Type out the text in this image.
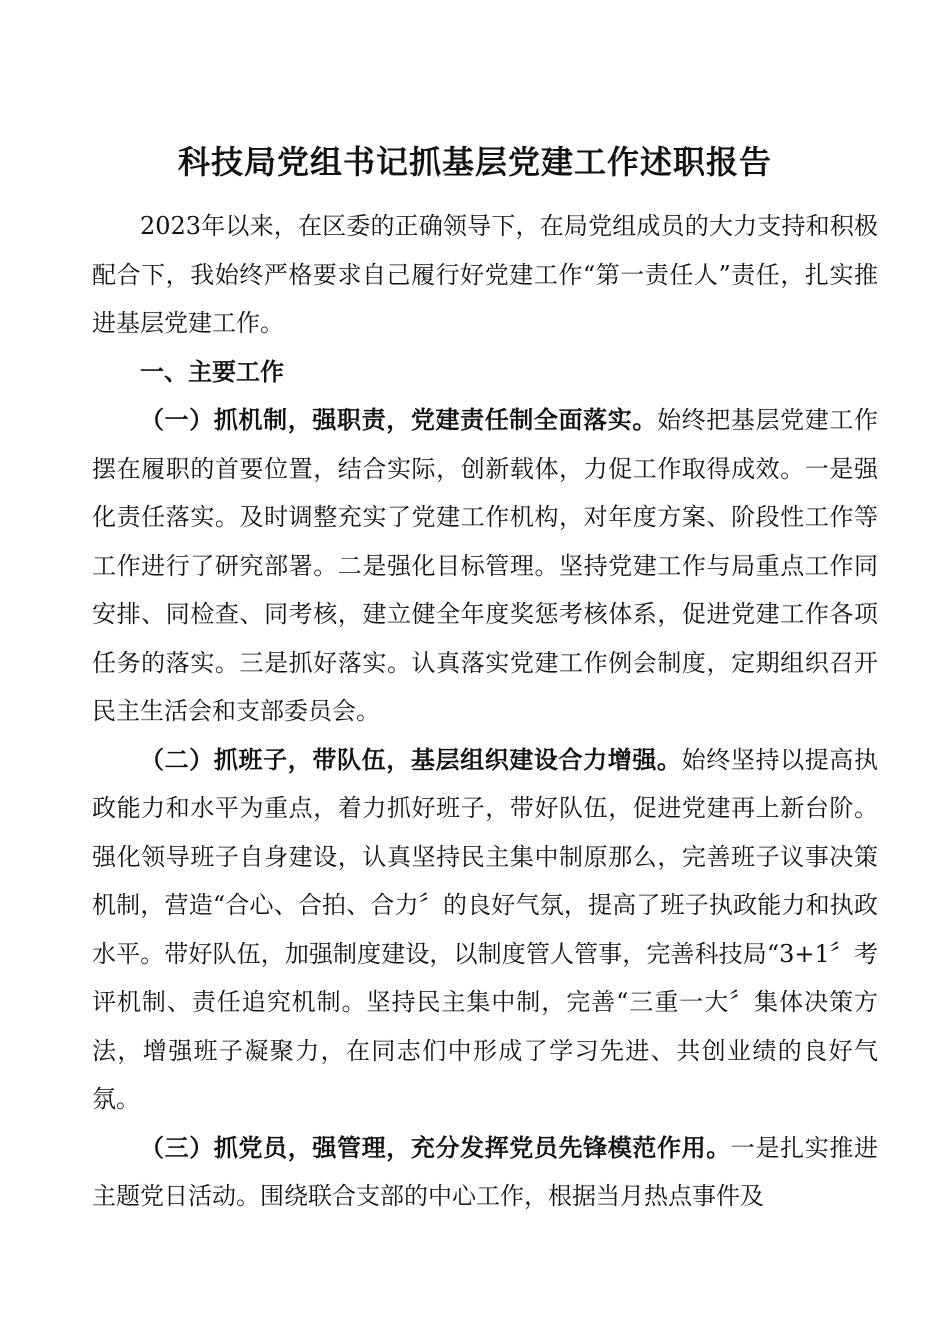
科技局党组书记抓基层党建工作述职报告

2023年以来，在区委的正确领导下，在局党组成员的大力支持和积极配合下，我始终严格要求自己履行好党建工作“第一责任人”责任，扎实推进基层党建工作。

一、主要工作

（一）抓机制，强职责，党建责任制全面落实。始终把基层党建工作摆在履职的首要位置，结合实际，创新载体，力促工作取得成效。一是强化责任落实。及时调整充实了党建工作机构，对年度方案、阶段性工作等工作进行了研究部署。二是强化目标管理。坚持党建工作与局重点工作同安排、同检查、同考核，建立健全年度奖惩考核体系，促进党建工作各项任务的落实。三是抓好落实。认真落实党建工作例会制度，定期组织召开民主生活会和支部委员会。

（二）抓班子，带队伍，基层组织建设合力增强。始终坚持以提高执政能力和水平为重点，着力抓好班子，带好队伍，促进党建再上新台阶。强化领导班子自身建设，认真坚持民主集中制原那么，完善班子议事决策机制，营造“合心、合拍、合力〞的良好气氛，提高了班子执政能力和执政水平。带好队伍，加强制度建设，以制度管人管事，完善科技局“3+1〞考评机制、责任追究机制。坚持民主集中制，完善“三重一大〞集体决策方法，增强班子凝聚力，在同志们中形成了学习先进、共创业绩的良好气氛。

（三）抓党员，强管理，充分发挥党员先锋模范作用。一是扎实推进主题党日活动。围绕联合支部的中心工作，根据当月热点事件及
